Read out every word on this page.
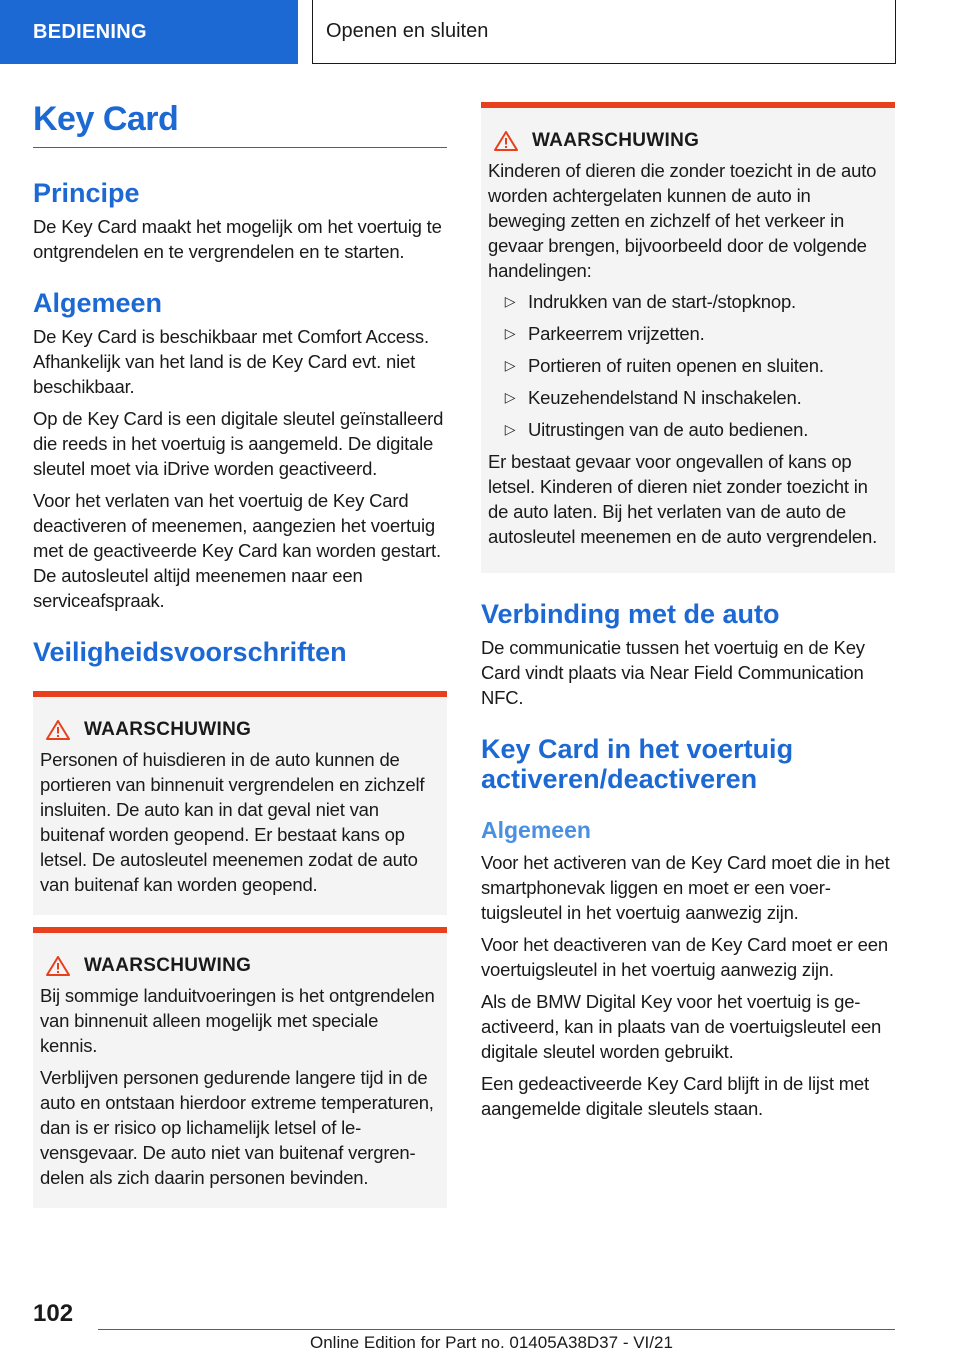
BEDIENING	Openen en sluiten
Key Card
Principe

De Key Card maakt het mogelijk om het voertuig te ontgrendelen en te vergrendelen en te starten.

Algemeen

De Key Card is beschikbaar met Comfort Access. Afhankelijk van het land is de Key Card evt. niet beschikbaar.

Op de Key Card is een digitale sleutel geïnstalleerd die reeds in het voertuig is aangemeld. De digitale sleutel moet via iDrive worden geactiveerd.

Voor het verlaten van het voertuig de Key Card deactiveren of meenemen, aangezien het voertuig met de geactiveerde Key Card kan worden gestart. De autosleutel altijd meenemen naar een serviceafspraak.

Veiligheidsvoorschriften
WAARSCHUWING

Personen of huisdieren in de auto kunnen de portieren van binnenuit vergrendelen en zichzelf insluiten. De auto kan in dat geval niet van buitenaf worden geopend. Er bestaat kans op letsel. De autosleutel meenemen zodat de auto van buitenaf kan worden geopend.

WAARSCHUWING

Bij sommige landuitvoeringen is het ontgrendelen van binnenuit alleen mogelijk met speciale kennis.

Verblijven personen gedurende langere tijd in de auto en ontstaan hierdoor extreme temperaturen, dan is er risico op lichamelijk letsel of levensgevaar. De auto niet van buitenaf vergrendelen als zich daarin personen bevinden.

WAARSCHUWING

Kinderen of dieren die zonder toezicht in de auto worden achtergelaten kunnen de auto in beweging zetten en zichzelf of het verkeer in gevaar brengen, bijvoorbeeld door de volgende handelingen:

▷ Indrukken van de start-/stopknop.
▷ Parkeerrem vrijzetten.
▷ Portieren of ruiten openen en sluiten.
▷ Keuzehendelstand N inschakelen.
▷ Uitrustingen van de auto bedienen.

Er bestaat gevaar voor ongevallen of kans op letsel. Kinderen of dieren niet zonder toezicht in de auto laten. Bij het verlaten van de auto de autosleutel meenemen en de auto vergrendelen.

Verbinding met de auto

De communicatie tussen het voertuig en de Key Card vindt plaats via Near Field Communication NFC.

Key Card in het voertuig
activeren/deactiveren
Algemeen

Voor het activeren van de Key Card moet die in het smartphonevak liggen en moet er een voertuigsleutel in het voertuig aanwezig zijn.

Voor het deactiveren van de Key Card moet er een voertuigsleutel in het voertuig aanwezig zijn.

Als de BMW Digital Key voor het voertuig is geactiveerd, kan in plaats van de voertuigsleutel een digitale sleutel worden gebruikt.

Een gedeactiveerde Key Card blijft in de lijst met aangemelde digitale sleutels staan.

102
Online Edition for Part no. 01405A38D37 - VI/21
